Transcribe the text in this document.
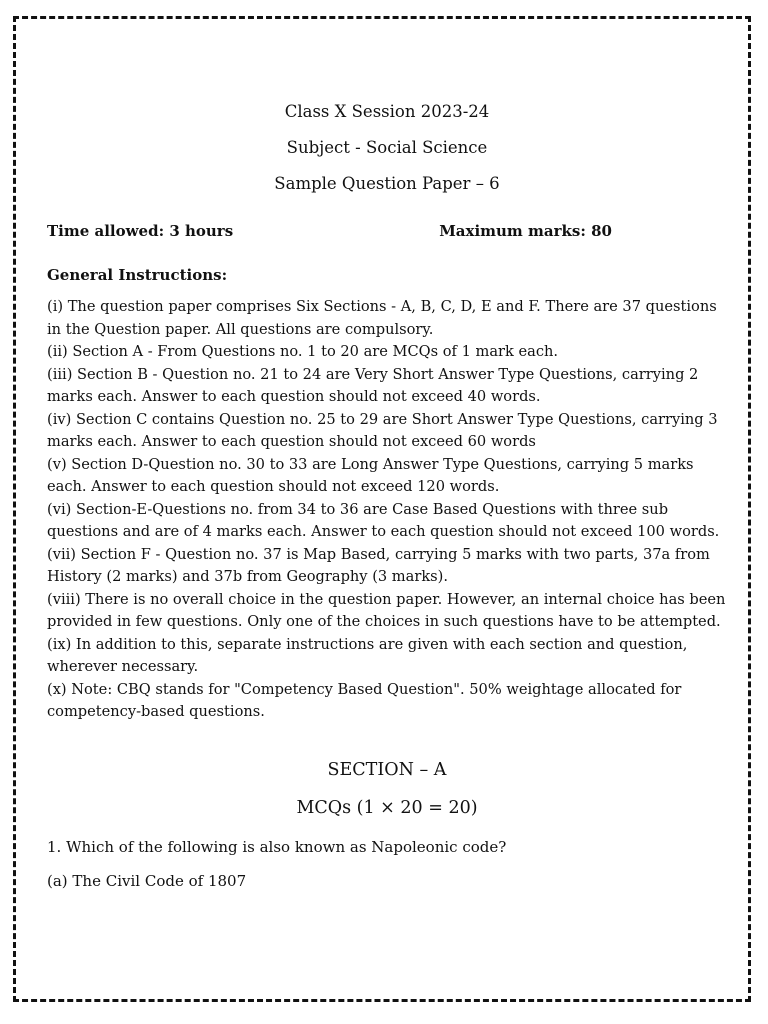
Class X Session 2023-24

Subject - Social Science

Sample Question Paper – 6

Time allowed: 3 hours	Maximum marks: 80
General Instructions:

(i) The question paper comprises Six Sections - A, B, C, D, E and F. There are 37 questions in the Question paper. All questions are compulsory.

(ii) Section A - From Questions no. 1 to 20 are MCQs of 1 mark each.

(iii) Section B - Question no. 21 to 24 are Very Short Answer Type Questions, carrying 2 marks each. Answer to each question should not exceed 40 words.

(iv) Section C contains Question no. 25 to 29 are Short Answer Type Questions, carrying 3 marks each. Answer to each question should not exceed 60 words

(v) Section D-Question no. 30 to 33 are Long Answer Type Questions, carrying 5 marks each. Answer to each question should not exceed 120 words.

(vi) Section-E-Questions no. from 34 to 36 are Case Based Questions with three sub questions and are of 4 marks each. Answer to each question should not exceed 100 words.

(vii) Section F - Question no. 37 is Map Based, carrying 5 marks with two parts, 37a from History (2 marks) and 37b from Geography (3 marks).

(viii) There is no overall choice in the question paper. However, an internal choice has been provided in few questions. Only one of the choices in such questions have to be attempted.

(ix) In addition to this, separate instructions are given with each section and question, wherever necessary.

(x) Note: CBQ stands for "Competency Based Question". 50% weightage allocated for competency-based questions.

SECTION – A

MCQs (1 × 20 = 20)

1. Which of the following is also known as Napoleonic code?
(a) The Civil Code of 1807
